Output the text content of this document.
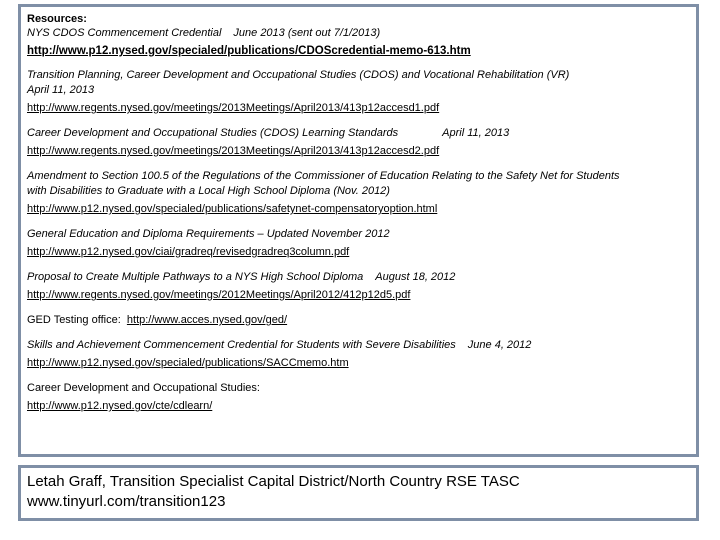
Resources:
NYS CDOS Commencement Credential June 2013 (sent out 7/1/2013)
http://www.p12.nysed.gov/specialed/publications/CDOScredential-memo-613.htm
Transition Planning, Career Development and Occupational Studies (CDOS) and Vocational Rehabilitation (VR)
April 11, 2013
http://www.regents.nysed.gov/meetings/2013Meetings/April2013/413p12accesd1.pdf
Career Development and Occupational Studies (CDOS) Learning Standards	April 11, 2013
http://www.regents.nysed.gov/meetings/2013Meetings/April2013/413p12accesd2.pdf
Amendment to Section 100.5 of the Regulations of the Commissioner of Education Relating to the Safety Net for Students
with Disabilities to Graduate with a Local High School Diploma (Nov. 2012)
http://www.p12.nysed.gov/specialed/publications/safetynet-compensatoryoption.html
General Education and Diploma Requirements – Updated November 2012
http://www.p12.nysed.gov/ciai/gradreq/revisedgradreq3column.pdf
Proposal to Create Multiple Pathways to a NYS High School Diploma August 18, 2012
http://www.regents.nysed.gov/meetings/2012Meetings/April2012/412p12d5.pdf
GED Testing office: http://www.acces.nysed.gov/ged/
Skills and Achievement Commencement Credential for Students with Severe Disabilities June 4, 2012
http://www.p12.nysed.gov/specialed/publications/SACCmemo.htm
Career Development and Occupational Studies:
http://www.p12.nysed.gov/cte/cdlearn/
Letah Graff, Transition Specialist Capital District/North Country RSE TASC
www.tinyurl.com/transition123
